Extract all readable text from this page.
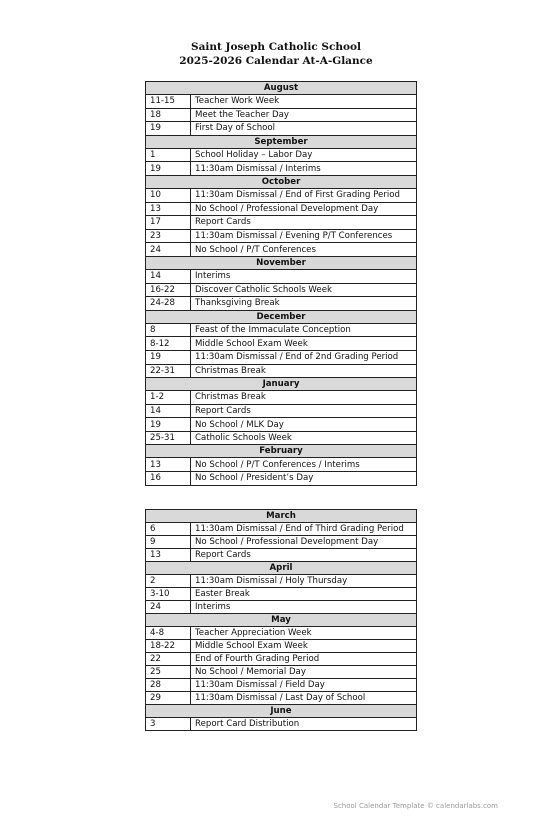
Saint Joseph Catholic School
2025-2026 Calendar At-A-Glance
August	
11-15	Teacher Work Week
18	Meet the Teacher Day
19	First Day of School
September	
1	School Holiday – Labor Day
19	11:30am Dismissal / Interims
October	
10	11:30am Dismissal / End of First Grading Period
13	No School / Professional Development Day
17	Report Cards
23	11:30am Dismissal / Evening P/T Conferences
24	No School / P/T Conferences
November	
14	Interims
16-22	Discover Catholic Schools Week
24-28	Thanksgiving Break
December	
8	Feast of the Immaculate Conception
8-12	Middle School Exam Week
19	11:30am Dismissal / End of 2nd Grading Period
22-31	Christmas Break
January	
1-2	Christmas Break
14	Report Cards
19	No School / MLK Day
25-31	Catholic Schools Week
February	
13	No School / P/T Conferences / Interims
16	No School / President’s Day
March	
6	11:30am Dismissal / End of Third Grading Period
9	No School / Professional Development Day
13	Report Cards
April	
2	11:30am Dismissal / Holy Thursday
3-10	Easter Break
24	Interims
May	
4-8	Teacher Appreciation Week
18-22	Middle School Exam Week
22	End of Fourth Grading Period
25	No School / Memorial Day
28	11:30am Dismissal / Field Day
29	11:30am Dismissal / Last Day of School
June	
3	Report Card Distribution
School Calendar Template © calendarlabs.com
